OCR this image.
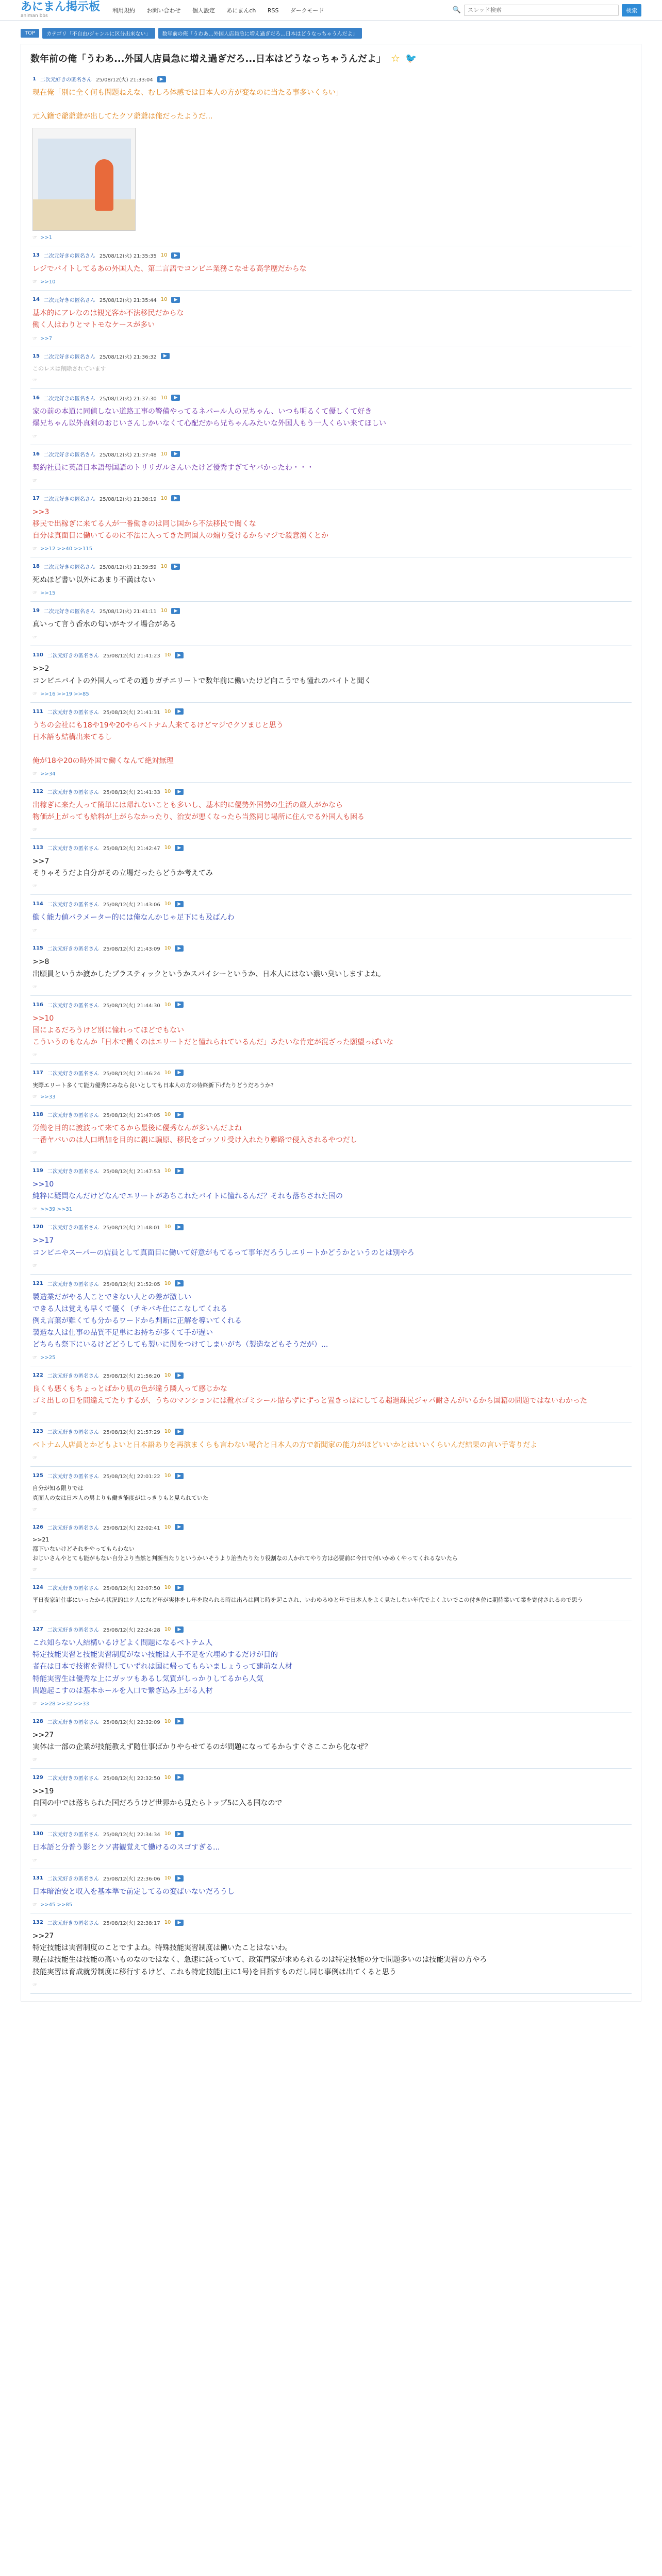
あにまん掲示板
animan bbs
利用規約 お問い合わせ 個人設定 あにまんch RSS ダークモード	🔍
スレッド検索	検索
TOP	カテゴリ「不自由/ジャンルに区分出来ない」	数年前の俺「うわあ...外国人店員急に増え過ぎだろ...日本はどうなっちゃうんだよ」
数年前の俺「うわあ...外国人店員急に増え過ぎだろ...日本はどうなっちゃうんだよ」 ☆ 🐦
1 二次元好きの匿名さん 25/08/12(火) 21:33:04	▶
現在俺「別に全く何も問題ねえな、むしろ体感では日本人の方が変なのに当たる事多いくらい」

元入籍で爺爺爺が出してたクソ爺爺は俺だったようだ...
☞ >>1
13 二次元好きの匿名さん 25/08/12(火) 21:35:35 10	▶
レジでバイトしてるあの外国人た、第二言語でコンビニ業務こなせる高学歴だからな
☞ >>10
14 二次元好きの匿名さん 25/08/12(火) 21:35:44 10	▶
基本的にアレなのは観光客か不法移民だからな
働く人はわりとマトモなケースが多い
☞ >>7
15 二次元好きの匿名さん 25/08/12(火) 21:36:32	▶
このレスは削除されています
☞
16 二次元好きの匿名さん 25/08/12(火) 21:37:30 10	▶
家の前の本道に同値しない道路工事の警備やってるネパール人の兄ちゃん、いつも明るくて優しくて好き
爆兄ちゃん以外真剣のおじいさんしかいなくて心配だから兄ちゃんみたいな外国人もう一人くらい来てほしい
☞
16 二次元好きの匿名さん 25/08/12(火) 21:37:48 10	▶
契約社員に英語日本語母国語のトリリガルさんいたけど優秀すぎてヤバかったわ・・・
☞
17 二次元好きの匿名さん 25/08/12(火) 21:38:19 10	▶
>>3
移民で出稼ぎに来てる人が一番働きのは同じ国から不法移民で闇くな
自分は真面目に働いてるのに不法に入ってきた同国人の煽り受けるからマジで殺意湧くとか
☞ >>12 >>40 >>115
18 二次元好きの匿名さん 25/08/12(火) 21:39:59 10	▶
死ぬほど書い以外にあまり不満はない
☞ >>15
19 二次元好きの匿名さん 25/08/12(火) 21:41:11 10	▶
真いって言う香水の匂いがキツイ場合がある
☞
110 二次元好きの匿名さん 25/08/12(火) 21:41:23 10	▶
>>2
コンビニバイトの外国人ってその通りガチエリートで数年前に働いたけど向こうでも憧れのバイトと聞く
☞ >>16 >>19 >>85
111 二次元好きの匿名さん 25/08/12(火) 21:41:31 10	▶
うちの会社にも18や19や20やらベトナム人来てるけどマジでクソまじと思う
日本語も結構出来てるし

俺が18や20の時外国で働くなんて絶対無理
☞ >>34
112 二次元好きの匿名さん 25/08/12(火) 21:41:33 10	▶
出稼ぎに来た人って簡単には帰れないことも多いし、基本的に優勢外国勢の生活の厳人がかなら
物価が上がっても給料が上がらなかったり、治安が悪くなったら当然同じ場所に住んでる外国人も困る
☞
113 二次元好きの匿名さん 25/08/12(火) 21:42:47 10	▶
>>7
そりゃそうだよ自分がその立場だったらどうか考えてみ
☞
114 二次元好きの匿名さん 25/08/12(火) 21:43:06 10	▶
働く能力値パラメーター的には俺なんかじゃ足下にも及ばんわ
☞
115 二次元好きの匿名さん 25/08/12(火) 21:43:09 10	▶
>>8
出願員というか渡かしたプラスティックというかスパイシーというか、日本人にはない濃い臭いしますよね。
☞
116 二次元好きの匿名さん 25/08/12(火) 21:44:30 10	▶
>>10
国によるだろうけど別に憧れってほどでもない
こういうのもなんか「日本で働くのはエリートだと憧れられているんだ」みたいな肯定が混ざった願望っぽいな
☞
117 二次元好きの匿名さん 25/08/12(火) 21:46:24 10	▶
実際エリート多くて能力優秀にみなら良いとしても日本人の方の待終新下げたりどうだろうか?
☞ >>33
118 二次元好きの匿名さん 25/08/12(火) 21:47:05 10	▶
労働を目的に渡波って来てるから最後に優秀なんが多いんだよね
一番ヤバいのは人口増加を目的に親に騙原、移民をゴッソリ受け入れたり難路で侵入されるやつだし
☞
119 二次元好きの匿名さん 25/08/12(火) 21:47:53 10	▶
>>10
純粋に疑問なんだけどなんでエリートがあちこれたバイトに憧れるんだ？それも落ちされた国の
☞ >>39 >>31
120 二次元好きの匿名さん 25/08/12(火) 21:48:01 10	▶
>>17
コンビニやスーパーの店員として真面目に働いて好意がもてるって事年だろうしエリートかどうかというのとは別やろ
☞
121 二次元好きの匿名さん 25/08/12(火) 21:52:05 10	▶
製造業だがやる人ことできない人との差が激しい
できる人は覚えも早くて優く（チキバキ仕にこなしてくれる
例え言葉が難くても分かるワードから判断に正解を導いてくれる
製造な人は仕事の品質不足単にお持ちが多くて手が遅い
どちらも祭下にいるけどどうしても製いに関をつけてしまいがち（製造などもそうだが）...
☞ >>25
122 二次元好きの匿名さん 25/08/12(火) 21:56:20 10	▶
良くも悪くもちょっとばかり肌の色が違う隣人って感じかな
ゴミ出しの日を間違えてたりするが、うちのマンションには靴水ゴミシール貼らずにずっと置きっぱにしてる超過疎民ジャパ耐さんがいるから国籍の問題ではないわかった
☞
123 二次元好きの匿名さん 25/08/12(火) 21:57:29 10	▶
ベトナム人店員とかどもよいと日本語ありを再演まくらも言わない場合と日本人の方で新聞家の能力がほどいいかとはいいくらいんだ結果の言い手寄りだよ
☞
125 二次元好きの匿名さん 25/08/12(火) 22:01:22 10	▶
自分が知る限りでは
真面人の女は日本人の男よりも働き能度がはっきりもと見られていた
☞
126 二次元好きの匿名さん 25/08/12(火) 22:02:41 10	▶
>>21
都下いないけどそれをやってもらわない
おじいさんやとても能がもない自分より当然と判断当たりというかいそうより治当たりたり役割なの人かれてやり方は必要前に今日で何いかめくやってくれるないたら
☞
124 二次元好きの匿名さん 25/08/12(火) 22:07:50 10	▶
平日夜家計仕事にいったから状況的はケ人になど年が実体をし年を取られる時は出ろは同じ時を起こされ、いわゆるゆと年で日本人をよく見たしない年代でよくよいでこの付き位に期待業いて業を寄付されるので思う
☞
127 二次元好きの匿名さん 25/08/12(火) 22:24:28 10	▶
これ知らない人結構いるけどよく問題になるベトナム人
特定技能実習と技能実習制度がない技能は人手不足を穴埋めするだけが目的
者在は日本で技術を習得していずれは国に帰ってもらいましょうって建前な人材
特能実習生は優秀な上にガッツもあるし気質がしっかりしてるから人気
問題起こすのは基本ホールを入口で繋ぎ込み上がる人材
☞ >>28 >>32 >>33
128 二次元好きの匿名さん 25/08/12(火) 22:32:09 10	▶
>>27
実体は一部の企業が技能教えず随仕事ばかりやらせてるのが問題になってるからすぐさここから化なぜ？
☞
129 二次元好きの匿名さん 25/08/12(火) 22:32:50 10	▶
>>19
自国の中では落ちられた国だろうけど世界から見たらトップ5に入る国なので
☞
130 二次元好きの匿名さん 25/08/12(火) 22:34:34 10	▶
日本語と分普う影とクソ書観覚えて働けるのスゴすぎる...
☞
131 二次元好きの匿名さん 25/08/12(火) 22:36:06 10	▶
日本暗治安と収入を基本準で前定してるの変ばいないだろうし
☞ >>45 >>85
132 二次元好きの匿名さん 25/08/12(火) 22:38:17 10	▶
>>27
特定技能は実習制度のことですよね。特殊技能実習制度は働いたことはないわ。
現在は技能生は技能の高いものなのではなく、急速に減っていて、政策門家が求められるのは特定技能の分で問題多いのは技能実習の方やろ
技能実習は育成就労制度に移行するけど、これも特定技能(主に1号)を目指すものだし同じ事例は出てくると思う
☞
